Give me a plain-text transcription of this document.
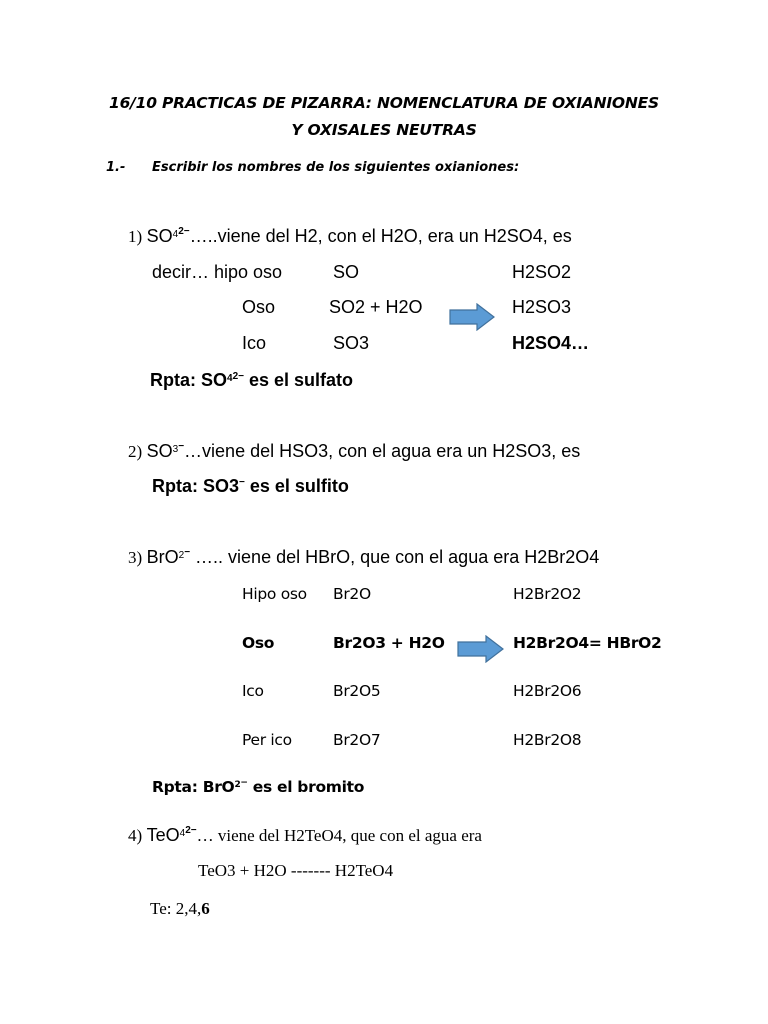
16/10 PRACTICAS DE PIZARRA: NOMENCLATURA DE OXIANIONES
Y OXISALES NEUTRAS
1.- Escribir los nombres de los siguientes oxianiones:
1) $SO^{42-}\dots..viene$ del H2, con el H2O, era un H2SO4, es
decir… hipo oso	SO	H2SO2
Oso	SO2 + H2O	H2SO3
Ico	SO3	H2SO4…
Rpta: $SO^{42-}$ es el sulfato
2) $SO^{3-}\dots viene$ del HSO3, con el agua era un H2SO3, es
Rpta: SO3− es el sulfito
3) BrO$^{2-}$ ….. viene del HBrO, que con el agua era H2Br2O4
Hipo oso Br2O	H2Br2O2
Oso	Br2O3 + H2O	H2Br2O4= HBrO2
Ico	Br2O5	H2Br2O6
Per ico	Br2O7	H2Br2O8
Rpta: BrO$^{2-}$ es el bromito
4) TeO$^{42-}$… viene del H2TeO4, que con el agua era
TeO3 + H2O ------- H2TeO4
Te: 2,4,6
